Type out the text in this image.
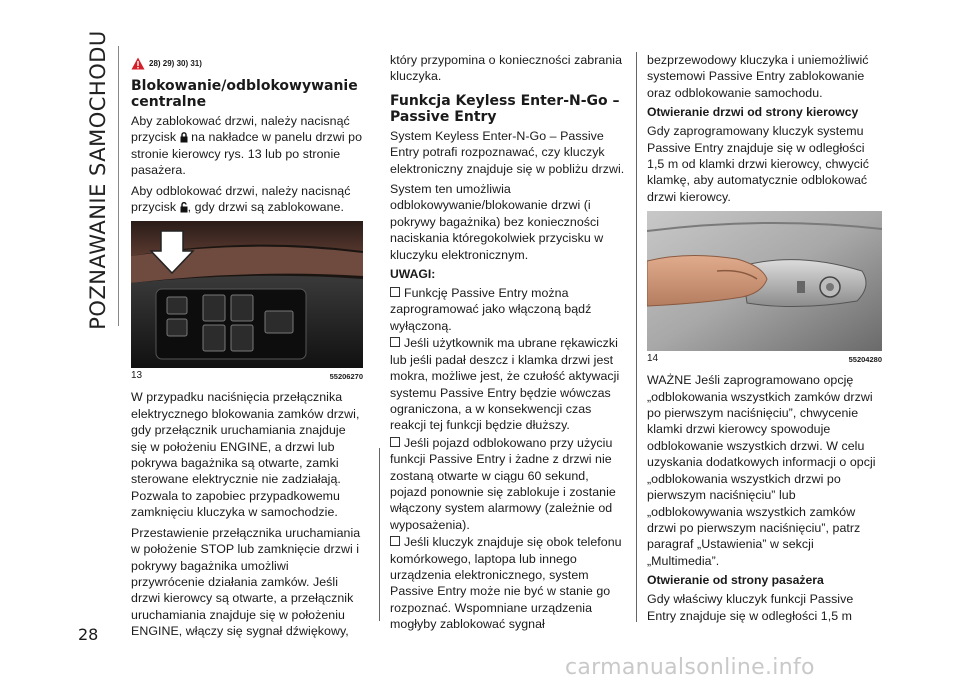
POZNAWANIE SAMOCHODU
28
carmanualsonline.info
28) 29) 30) 31)
Blokowanie/odblokowywanie centralne

Aby zablokować drzwi, należy nacisnąć przycisk  na nakładce w panelu drzwi po stronie kierowcy rys. 13 lub po stronie pasażera.

Aby odblokować drzwi, należy nacisnąć przycisk , gdy drzwi są zablokowane.

13	55206270

W przypadku naciśnięcia przełącznika elektrycznego blokowania zamków drzwi, gdy przełącznik uruchamiania znajduje się w położeniu ENGINE, a drzwi lub pokrywa bagażnika są otwarte, zamki sterowane elektrycznie nie zadziałają. Pozwala to zapobiec przypadkowemu zamknięciu kluczyka w samochodzie.

Przestawienie przełącznika uruchamiania w położenie STOP lub zamknięcie drzwi i pokrywy bagażnika umożliwi przywrócenie działania zamków. Jeśli drzwi kierowcy są otwarte, a przełącznik uruchamiania znajduje się w położeniu ENGINE, włączy się sygnał dźwiękowy,

który przypomina o konieczności zabrania kluczyka.

Funkcja Keyless Enter-N-Go – Passive Entry

System Keyless Enter-N-Go – Passive Entry potrafi rozpoznawać, czy kluczyk elektroniczny znajduje się w pobliżu drzwi.

System ten umożliwia odblokowywanie/blokowanie drzwi (i pokrywy bagażnika) bez konieczności naciskania któregokolwiek przycisku w kluczyku elektronicznym.

UWAGI:

Funkcję Passive Entry można zaprogramować jako włączoną bądź wyłączoną.

Jeśli użytkownik ma ubrane rękawiczki lub jeśli padał deszcz i klamka drzwi jest mokra, możliwe jest, że czułość aktywacji systemu Passive Entry będzie wówczas ograniczona, a w konsekwencji czas reakcji tej funkcji będzie dłuższy.

Jeśli pojazd odblokowano przy użyciu funkcji Passive Entry i żadne z drzwi nie zostaną otwarte w ciągu 60 sekund, pojazd ponownie się zablokuje i zostanie włączony system alarmowy (zależnie od wyposażenia).

Jeśli kluczyk znajduje się obok telefonu komórkowego, laptopa lub innego urządzenia elektronicznego, system Passive Entry może nie być w stanie go rozpoznać. Wspomniane urządzenia mogłyby zablokować sygnał

bezprzewodowy kluczyka i uniemożliwić systemowi Passive Entry zablokowanie oraz odblokowanie samochodu.

Otwieranie drzwi od strony kierowcy

Gdy zaprogramowany kluczyk systemu Passive Entry znajduje się w odległości 1,5 m od klamki drzwi kierowcy, chwycić klamkę, aby automatycznie odblokować drzwi kierowcy.

14	55204280

WAŻNE Jeśli zaprogramowano opcję „odblokowania wszystkich zamków drzwi po pierwszym naciśnięciu”, chwycenie klamki drzwi kierowcy spowoduje odblokowanie wszystkich drzwi. W celu uzyskania dodatkowych informacji o opcji „odblokowania wszystkich drzwi po pierwszym naciśnięciu” lub „odblokowywania wszystkich zamków drzwi po pierwszym naciśnięciu”, patrz paragraf „Ustawienia” w sekcji „Multimedia”.

Otwieranie od strony pasażera

Gdy właściwy kluczyk funkcji Passive Entry znajduje się w odległości 1,5 m
